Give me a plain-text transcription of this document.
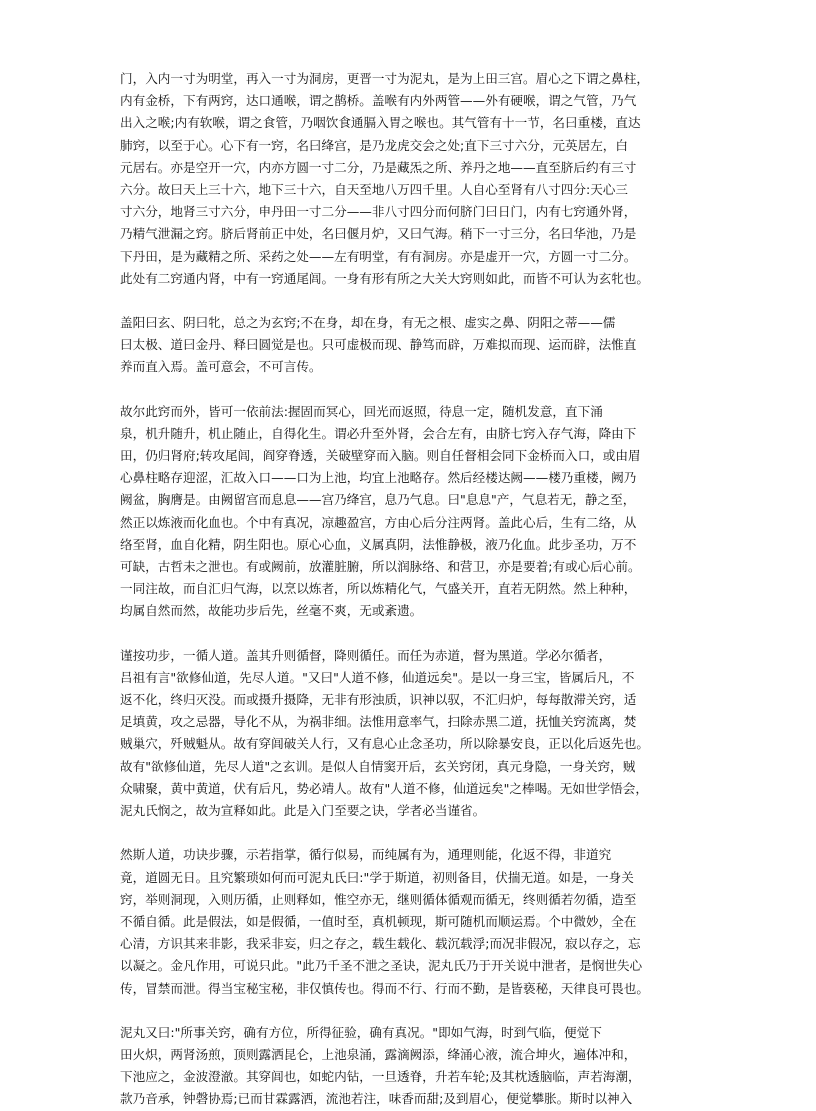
门，入内一寸为明堂，再入一寸为洞房，更晋一寸为泥丸，是为上田三宫。眉心之下谓之鼻柱，
内有金桥，下有两窍，达口通喉，谓之鹊桥。盖喉有内外两管——外有硬喉，谓之气管，乃气
出入之喉;内有软喉，谓之食管，乃咽饮食通膈入胃之喉也。其气管有十一节，名曰重楼，直达
肺窍，以至于心。心下有一窍，名曰绛宫，是乃龙虎交会之处;直下三寸六分，元英居左，白
元居右。亦是空开一穴，内亦方圆一寸二分，乃是藏炁之所、养丹之地——直至脐后约有三寸
六分。故曰天上三十六，地下三十六，自天至地八万四千里。人自心至肾有八寸四分:天心三
寸六分，地肾三寸六分，申丹田一寸二分——非八寸四分而何脐门曰日门，内有七窍通外肾，
乃精气泄漏之窍。脐后肾前正中处，名曰偃月炉，又曰气海。稍下一寸三分，名曰华池，乃是
下丹田，是为藏精之所、采药之处——左有明堂，有有洞房。亦是虚开一穴，方圆一寸二分。
此处有二窍通内肾，中有一窍通尾闾。一身有形有所之大关大窍则如此，而皆不可认为玄牝也。

盖阳曰玄、阴曰牝，总之为玄窍;不在身，却在身，有无之根、虚实之鼻、阴阳之蒂——儒
曰太极、道曰金丹、释曰圆觉是也。只可虚极而现、静笃而辟，万难拟而现、运而辟，法惟直
养而直入焉。盖可意会，不可言传。

故尔此窍而外，皆可一依前法:握固而冥心，回光而返照，待息一定，随机发意，直下涌
泉，机升随升，机止随止，自得化生。谓必升至外肾，会合左有，由脐七窍入存气海，降由下
田，仍归肾府;转攻尾闾，阎穿脊透，关破壁穿而入脑。则自任督相会同下金桥而入口，或由眉
心鼻柱略存迎涩，汇故入口——口为上池，均宜上池略存。然后经楼达阙——楼乃重楼，阙乃
阙盆，胸膺是。由阙留宫而息息——宫乃绛宫，息乃气息。曰"息息"产，气息若无，静之至，
然正以炼液而化血也。个中有真况，凉趣盈宫，方由心后分注两肾。盖此心后，生有二络，从
络至肾，血自化精，阴生阳也。原心心血，义属真阴，法惟静极，液乃化血。此步圣功，万不
可缺，古哲未之泄也。有或阙前，放灌脏腑，所以润脉络、和营卫，亦是要着;有或心后心前。
一同注故，而自汇归气海，以烹以炼者，所以炼精化气，气盛关开，直若无阴然。然上种种，
均属自然而然，故能功步后先，丝毫不爽，无或紊遗。

谨按功步，一循人道。盖其升则循督，降则循任。而任为赤道，督为黑道。学必尔循者，
吕祖有言"欲修仙道，先尽人道。"又曰"人道不修，仙道远矣"。是以一身三宝，皆属后凡，不
返不化，终归灭没。而或摄升摄降，无非有形浊质，识神以驭，不汇归炉，每每散滞关窍，适
足填黄，攻之忌器，导化不从，为祸非细。法惟用意率气，扫除赤黑二道，抚恤关窍流离，焚
贼巢穴，歼贼魁从。故有穿闾破关人行，又有息心止念圣功，所以除暴安良，正以化后返先也。
故有"欲修仙道，先尽人道"之玄训。是似人自情窦开后，玄关窍闭，真元身隐，一身关窍，贼
众啸聚，黄中黄道，伏有后凡，势必靖人。故有"人道不修，仙道远矣"之棒喝。无如世学悟会，
泥丸氏悯之，故为宣释如此。此是入门至要之诀，学者必当谨省。

然斯人道，功诀步骤，示若指掌，循行似易，而纯属有为，通理则能，化返不得，非道究
竟，道圆无日。且究繁琐如何而可泥丸氏曰:"学于斯道，初则备目，伏揣无道。如是，一身关
窍，举则洞现，入则历循，止则释如，惟空亦无，继则循体循观而循无，终则循若勿循，造至
不循自循。此是假法，如是假循，一值时至，真机顿现，斯可随机而顺运焉。个中微妙，全在
心清，方识其来非影，我采非妄，归之存之，载生载化、载沉载浮;而况非假况，寂以存之，忘
以凝之。金凡作用，可说只此。"此乃千圣不泄之圣诀，泥丸氏乃于开关说中泄者，是悯世失心
传，冒禁而泄。得当宝秘宝秘，非仅慎传也。得而不行、行而不勤，是皆亵秘，天律良可畏也。

泥丸又曰:"所事关窍，确有方位，所得征验，确有真况。"即如气海，时到气临，便觉下
田火炽，两肾汤煎，顶则露洒昆仑，上池泉涌，露滴阙添，绛涌心液，流合坤火，遍体冲和，
下池应之，金波澄澈。其穿闾也，如蛇内钻，一旦透脊，升若车轮;及其枕透脑临，声若海潮，
款乃音承，钟磬协焉;已而甘霖露洒，流池若注，味香而甜;及到眉心，便觉攀胀。斯时以神入
